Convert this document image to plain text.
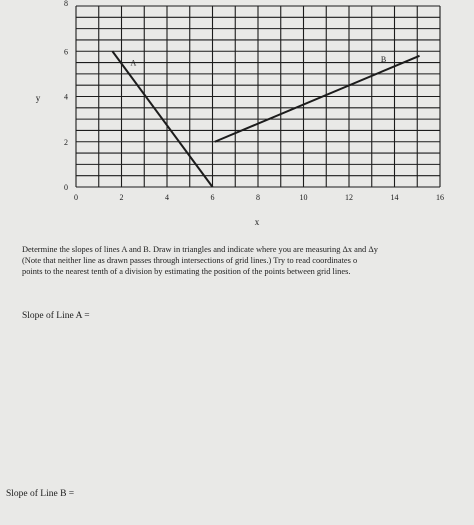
0	2	4	6	8	10	12	14	16
0
2
4
6
8
x
y
A	B
Determine the slopes of lines A and B. Draw in triangles and indicate where you are measuring Δx and Δy
(Note that neither line as drawn passes through intersections of grid lines.) Try to read coordinates o
points to the nearest tenth of a division by estimating the position of the points between grid lines.
Slope of Line A =
Slope of Line B =
